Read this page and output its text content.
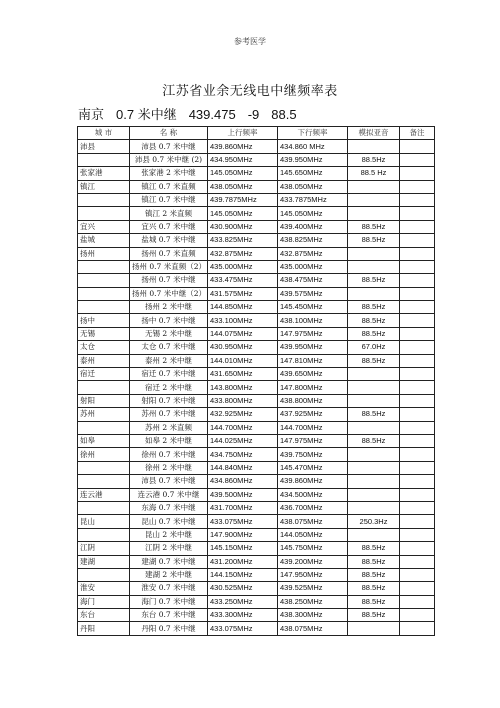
参考医学
江苏省业余无线电中继频率表
南京 0.7 米中继 439.475 -9 88.5
城 市	名 称	上行频率	下行频率	模拟亚音	备注
沛县	沛县 0.7 米中继	439.860MHz	434.860 MHz		
	沛县 0.7 米中继 (2)	434.950MHz	439.950MHz	88.5Hz	
张家港	张家港 2 米中继	145.050MHz	145.650MHz	88.5 Hz	
镇江	镇江 0.7 米直频	438.050MHz	438.050MHz		
	镇江 0.7 米中继	439.7875MHz	433.7875MHz		
	镇江 2 米直频	145.050MHz	145.050MHz		
宜兴	宜兴 0.7 米中继	430.900MHz	439.400MHz	88.5Hz	
盐城	盐城 0.7 米中继	433.825MHz	438.825MHz	88.5Hz	
扬州	扬州 0.7 米直频	432.875MHz	432.875MHz		
	扬州 0.7 米直频（2）	435.000MHz	435.000MHz		
	扬州 0.7 米中继	433.475MHz	438.475MHz	88.5Hz	
	扬州 0.7 米中继（2）	431.575MHz	439.575MHz		
	扬州 2 米中继	144.850MHz	145.450MHz	88.5Hz	
扬中	扬中 0.7 米中继	433.100MHz	438.100MHz	88.5Hz	
无锡	无锡 2 米中继	144.075MHz	147.975MHz	88.5Hz	
太仓	太仓 0.7 米中继	430.950MHz	439.950MHz	67.0Hz	
泰州	泰州 2 米中继	144.010MHz	147.810MHz	88.5Hz	
宿迁	宿迁 0.7 米中继	431.650MHz	439.650MHz		
	宿迁 2 米中继	143.800MHz	147.800MHz		
射阳	射阳 0.7 米中继	433.800MHz	438.800MHz		
苏州	苏州 0.7 米中继	432.925MHz	437.925MHz	88.5Hz	
	苏州 2 米直频	144.700MHz	144.700MHz		
如皋	如皋 2 米中继	144.025MHz	147.975MHz	88.5Hz	
徐州	徐州 0.7 米中继	434.750MHz	439.750MHz		
	徐州 2 米中继	144.840MHz	145.470MHz		
	沛县 0.7 米中继	434.860MHz	439.860MHz		
连云港	连云港 0.7 米中继	439.500MHz	434.500MHz		
	东海 0.7 米中继	431.700MHz	436.700MHz		
昆山	昆山 0.7 米中继	433.075MHz	438.075MHz	250.3Hz	
	昆山 2 米中继	147.900MHz	144.050MHz		
江阴	江阴 2 米中继	145.150MHz	145.750MHz	88.5Hz	
建湖	建湖 0.7 米中继	431.200MHz	439.200MHz	88.5Hz	
	建湖 2 米中继	144.150MHz	147.950MHz	88.5Hz	
淮安	淮安 0.7 米中继	430.525MHz	439.525MHz	88.5Hz	
海门	海门 0.7 米中继	433.250MHz	438.250MHz	88.5Hz	
东台	东台 0.7 米中继	433.300MHz	438.300MHz	88.5Hz	
丹阳	丹阳 0.7 米中继	433.075MHz	438.075MHz		
